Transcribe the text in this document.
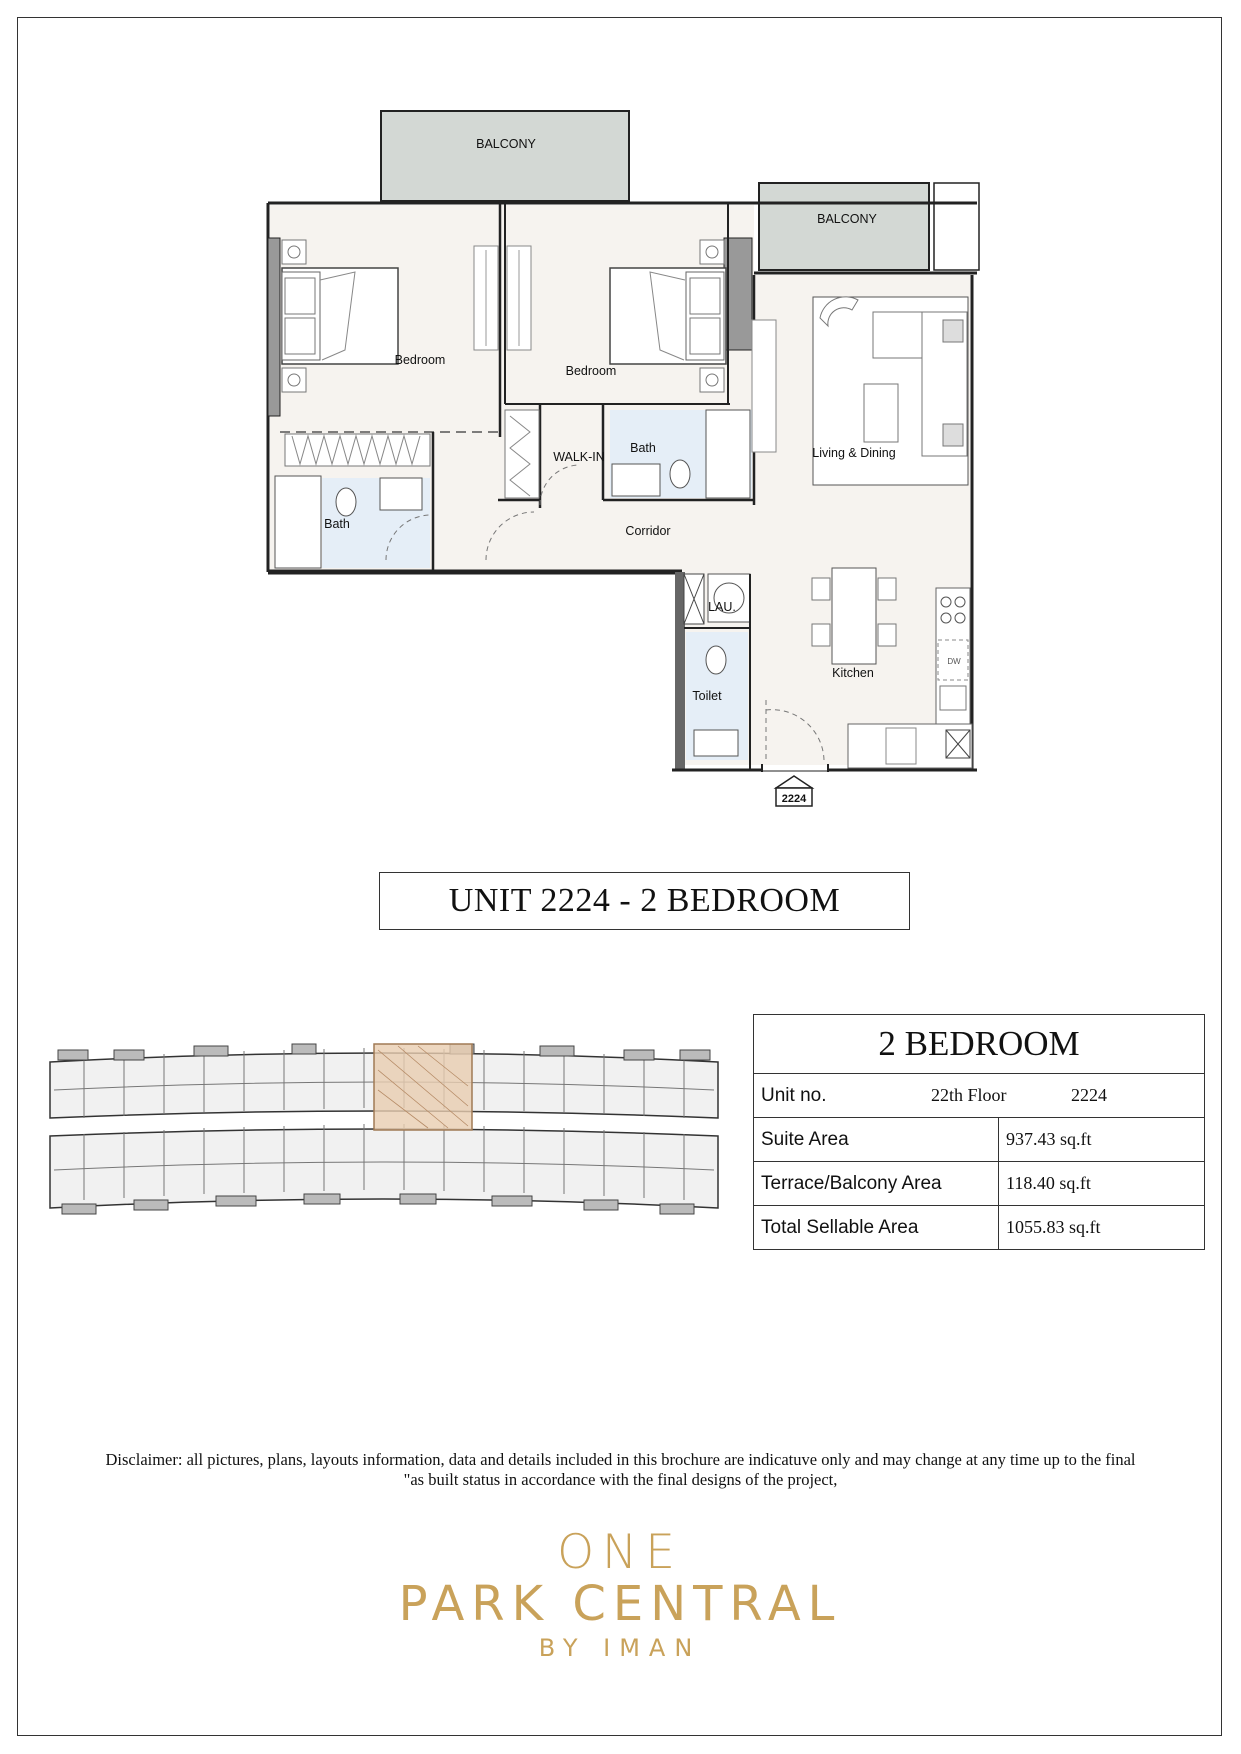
BALCONY
BALCONY
Bedroom
Bedroom
Bath
Bath
WALK-IN
Corridor
Living & Dining
LAU.
Toilet
Kitchen
DW
2224
UNIT 2224 - 2 BEDROOM
2 BEDROOM	

Unit no. 22th Floor 2224	

Suite Area	937.43 sq.ft
Terrace/Balcony Area	118.40 sq.ft
Total Sellable Area	1055.83 sq.ft
Disclaimer: all pictures, plans, layouts information, data and details included in this brochure are indicatuve only and may change at any time up to the final
"as built status in accordance with the final designs of the project,
ONE
PARK CENTRAL
BY IMAN
